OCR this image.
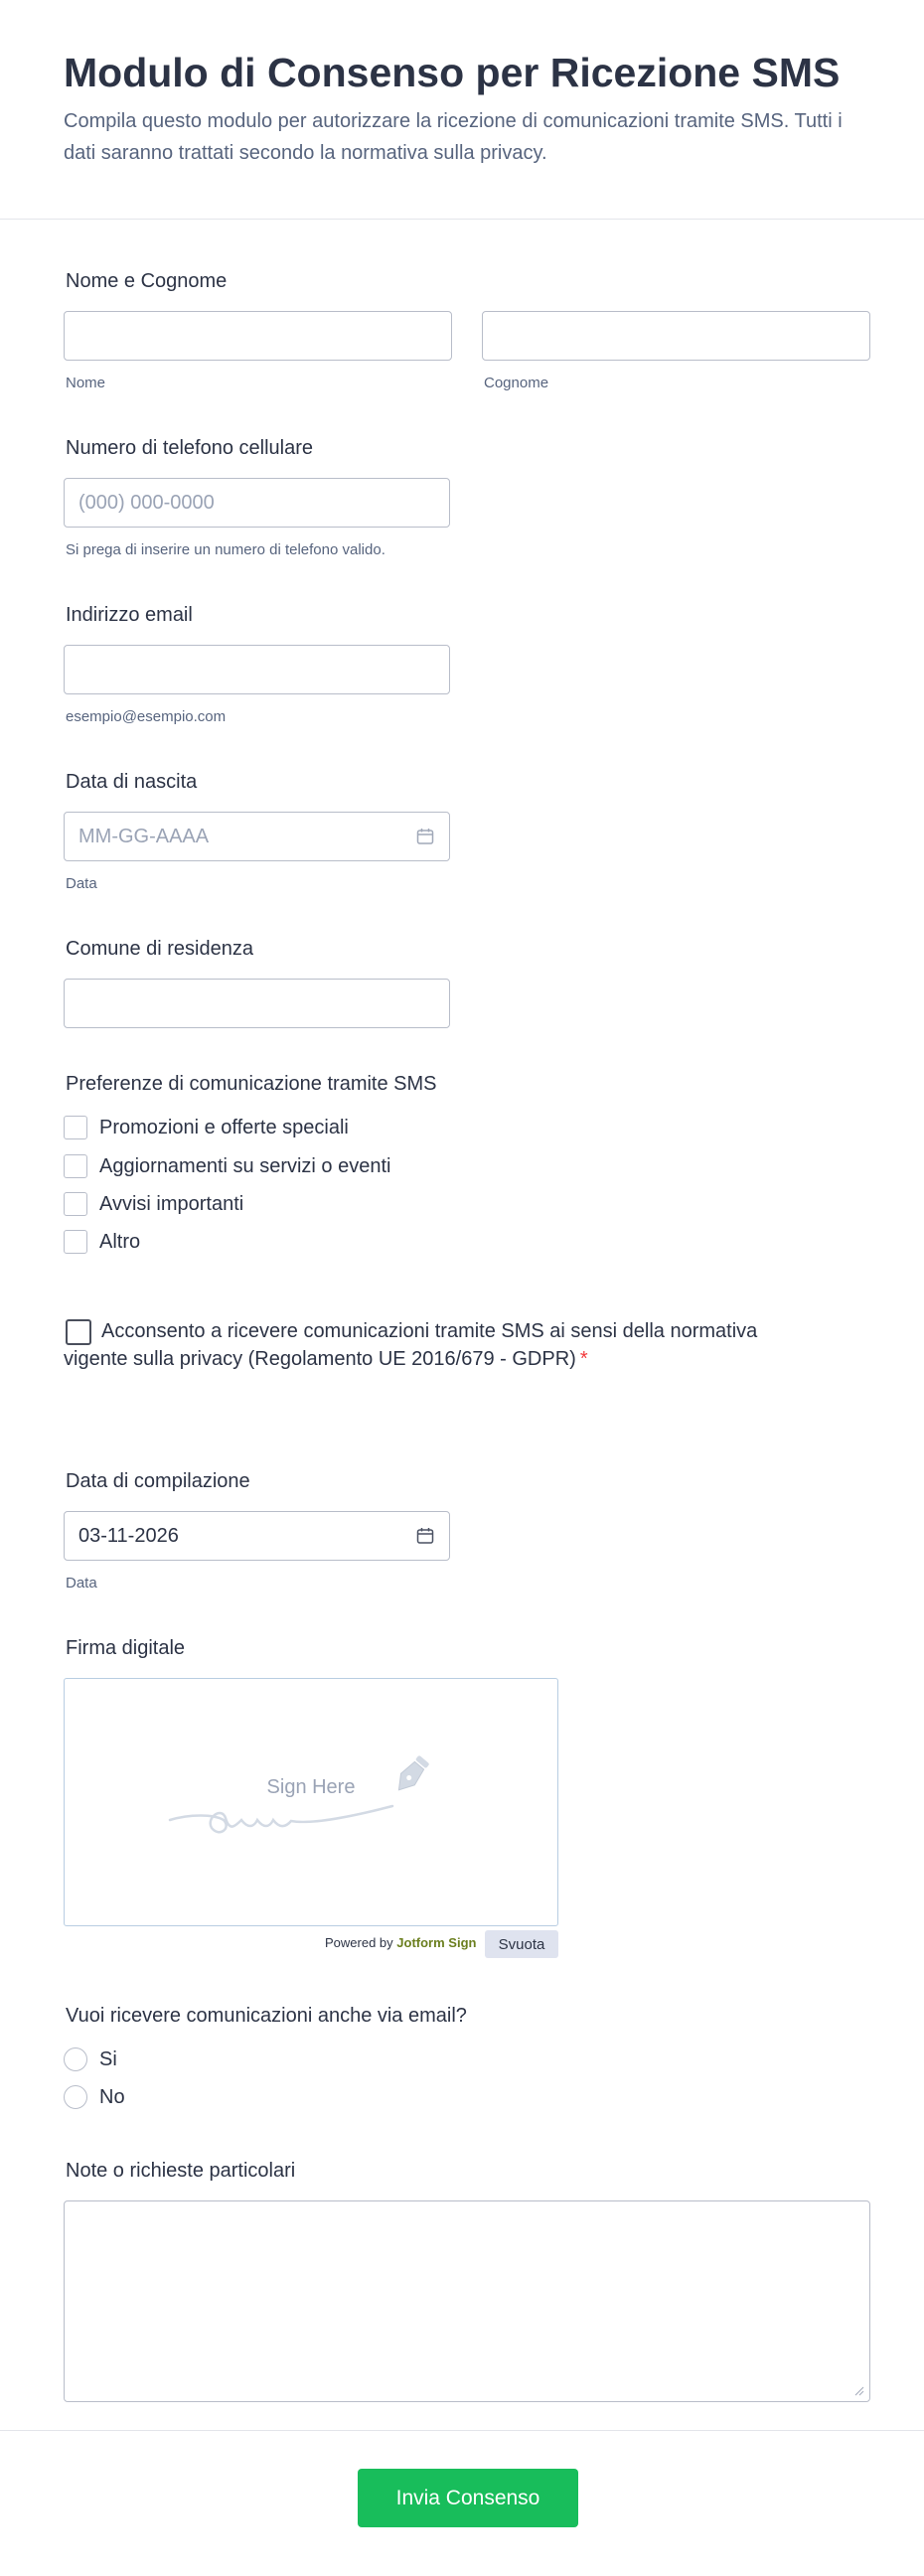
Modulo di Consenso per Ricezione SMS
Compila questo modulo per autorizzare la ricezione di comunicazioni tramite SMS. Tutti i dati saranno trattati secondo la normativa sulla privacy.
Nome e Cognome
Nome	Cognome
Numero di telefono cellulare
(000) 000-0000
Si prega di inserire un numero di telefono valido.
Indirizzo email
esempio@esempio.com
Data di nascita
MM-GG-AAAA
Data
Comune di residenza
Preferenze di comunicazione tramite SMS
Promozioni e offerte speciali
Aggiornamenti su servizi o eventi
Avvisi importanti
Altro
Acconsento a ricevere comunicazioni tramite SMS ai sensi della normativa vigente sulla privacy (Regolamento UE 2016/679 - GDPR) *
Data di compilazione
03-11-2026
Data
Firma digitale
Sign Here
Powered by Jotform Sign	Svuota
Vuoi ricevere comunicazioni anche via email?
Si
No
Note o richieste particolari
Invia Consenso
